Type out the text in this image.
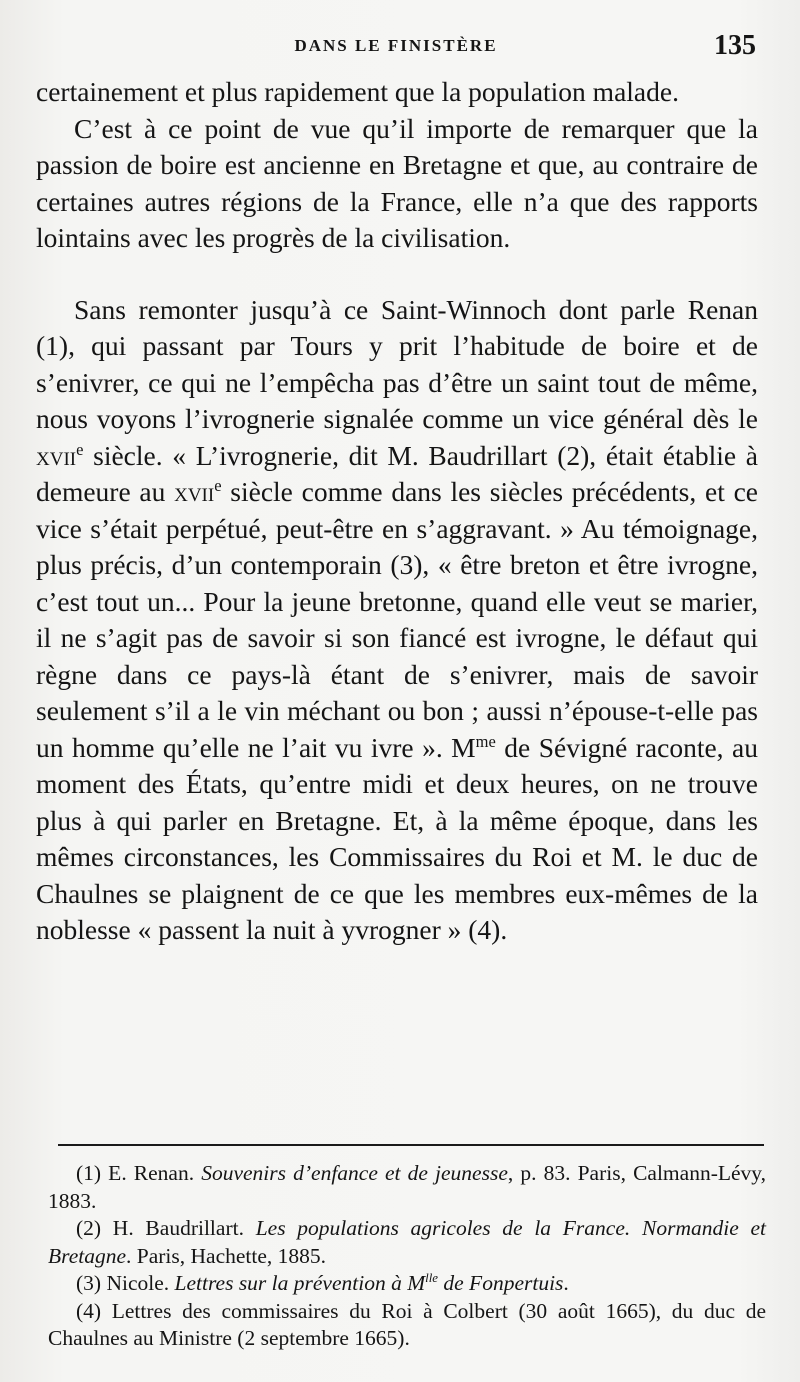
DANS LE FINISTÈRE	135

certainement et plus rapidement que la population malade.

C’est à ce point de vue qu’il importe de remarquer que la passion de boire est ancienne en Bretagne et que, au contraire de certaines autres régions de la France, elle n’a que des rapports lointains avec les progrès de la civilisation.

Sans remonter jusqu’à ce Saint-Winnoch dont parle Renan (1), qui passant par Tours y prit l’habitude de boire et de s’enivrer, ce qui ne l’empêcha pas d’être un saint tout de même, nous voyons l’ivrognerie signalée comme un vice général dès le xvii$^e$ siècle. « L’ivrognerie, dit M. Baudrillart (2), était établie à demeure au xvii$^e$ siècle comme dans les siècles précédents, et ce vice s’était perpétué, peut-être en s’aggravant. » Au témoignage, plus précis, d’un contemporain (3), « être breton et être ivrogne, c’est tout un... Pour la jeune bretonne, quand elle veut se marier, il ne s’agit pas de savoir si son fiancé est ivrogne, le défaut qui règne dans ce pays-là étant de s’enivrer, mais de savoir seulement s’il a le vin méchant ou bon ; aussi n’épouse-t-elle pas un homme qu’elle ne l’ait vu ivre ». $M^{me}$ de Sévigné raconte, au moment des États, qu’entre midi et deux heures, on ne trouve plus à qui parler en Bretagne. Et, à la même époque, dans les mêmes circonstances, les Commissaires du Roi et M. le duc de Chaulnes se plaignent de ce que les membres eux-mêmes de la noblesse « passent la nuit à yvrogner » (4).

(1) E. Renan. Souvenirs d’enfance et de jeunesse, p. 83. Paris, Calmann-Lévy, 1883.

(2) H. Baudrillart. Les populations agricoles de la France. Normandie et Bretagne. Paris, Hachette, 1885.

(3) Nicole. Lettres sur la prévention à $M^{lle}$ de Fonpertuis.

(4) Lettres des commissaires du Roi à Colbert (30 août 1665), du duc de Chaulnes au Ministre (2 septembre 1665).
